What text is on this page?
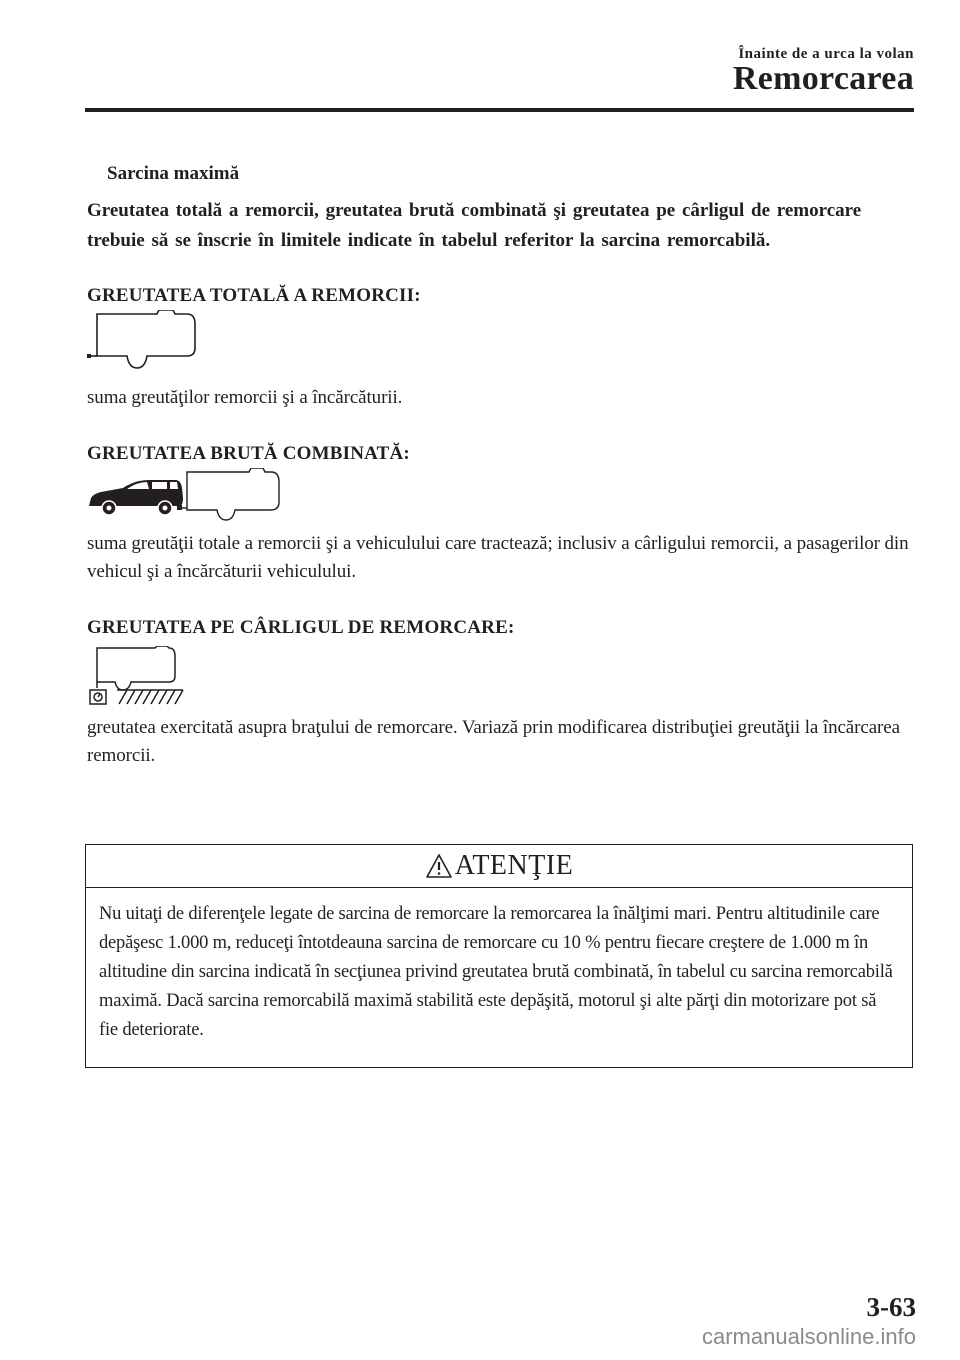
Înainte de a urca la volan
Remorcarea

Sarcina maximă

Greutatea totală a remorcii, greutatea brută combinată şi greutatea pe cârligul de remorcare trebuie să se înscrie în limitele indicate în tabelul referitor la sarcina remorcabilă.

GREUTATEA TOTALĂ A REMORCII:

suma greutăţilor remorcii şi a încărcăturii.

GREUTATEA BRUTĂ COMBINATĂ:

suma greutăţii totale a remorcii şi a vehiculului care tractează; inclusiv a cârligului remorcii, a pasagerilor din vehicul şi a încărcăturii vehiculului.

GREUTATEA PE CÂRLIGUL DE REMORCARE:

greutatea exercitată asupra braţului de remorcare. Variază prin modificarea distribuţiei greutăţii la încărcarea remorcii.

ATENŢIE
Nu uitaţi de diferenţele legate de sarcina de remorcare la remorcarea la înălţimi mari. Pentru altitudinile care depăşesc 1.000 m, reduceţi întotdeauna sarcina de remorcare cu 10 % pentru fiecare creştere de 1.000 m în altitudine din sarcina indicată în secţiunea privind greutatea brută combinată, în tabelul cu sarcina remorcabilă maximă. Dacă sarcina remorcabilă maximă stabilită este depăşită, motorul şi alte părţi din motorizare pot să fie deteriorate.
3-63
carmanualsonline.info
